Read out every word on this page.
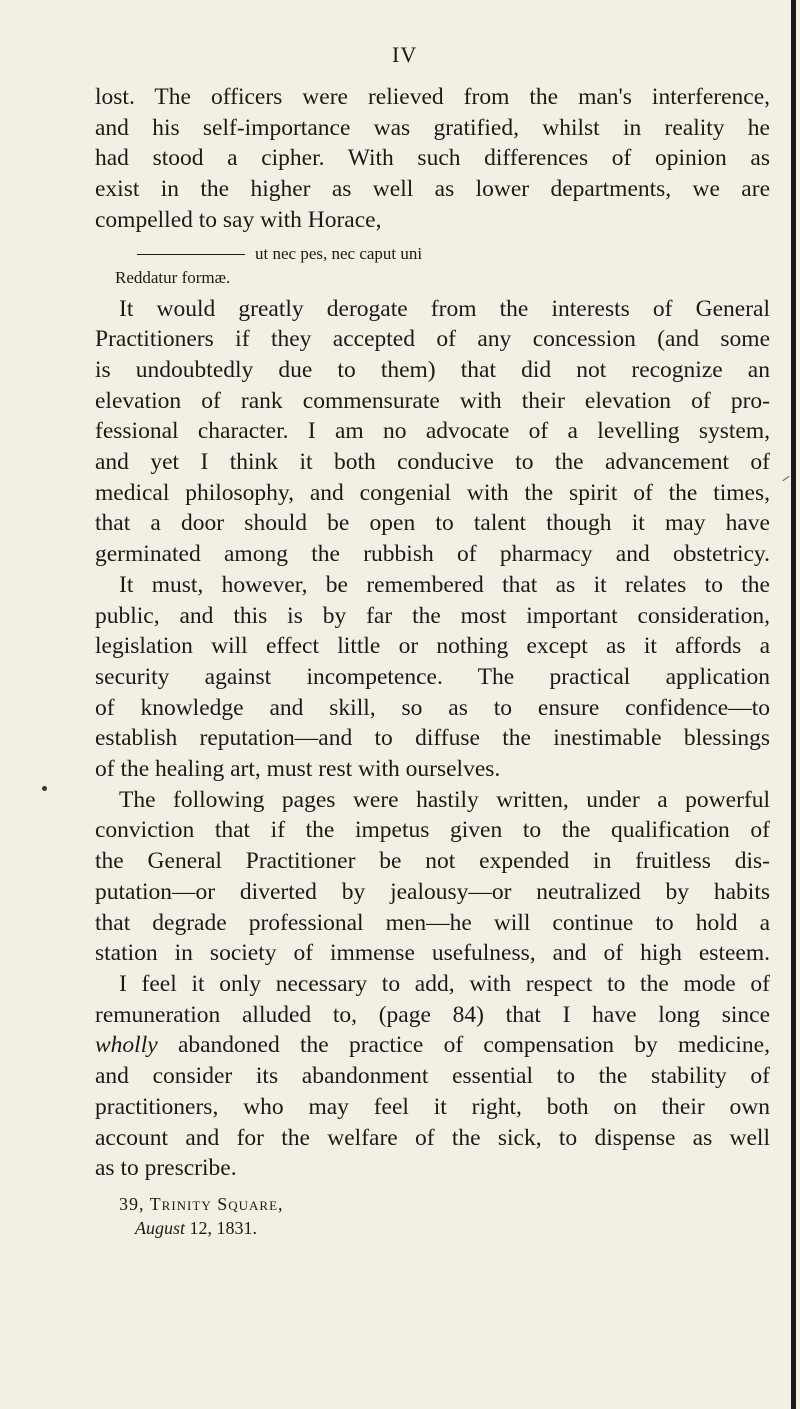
IV

lost. The officers were relieved from the man's interference,

and his self-importance was gratified, whilst in reality he

had stood a cipher. With such differences of opinion as

exist in the higher as well as lower departments, we are

compelled to say with Horace,

ut nec pes, nec caput uni
Reddatur formæ.

It would greatly derogate from the interests of General

Practitioners if they accepted of any concession (and some

is undoubtedly due to them) that did not recognize an

elevation of rank commensurate with their elevation of pro-

fessional character. I am no advocate of a levelling system,

and yet I think it both conducive to the advancement of

medical philosophy, and congenial with the spirit of the times,

that a door should be open to talent though it may have

germinated among the rubbish of pharmacy and obstetricy.

It must, however, be remembered that as it relates to the

public, and this is by far the most important consideration,

legislation will effect little or nothing except as it affords a

security against incompetence. The practical application

of knowledge and skill, so as to ensure confidence—to

establish reputation—and to diffuse the inestimable blessings

of the healing art, must rest with ourselves.

The following pages were hastily written, under a powerful

conviction that if the impetus given to the qualification of

the General Practitioner be not expended in fruitless dis-

putation—or diverted by jealousy—or neutralized by habits

that degrade professional men—he will continue to hold a

station in society of immense usefulness, and of high esteem.

I feel it only necessary to add, with respect to the mode of

remuneration alluded to, (page 84) that I have long since

wholly abandoned the practice of compensation by medicine,

and consider its abandonment essential to the stability of

practitioners, who may feel it right, both on their own

account and for the welfare of the sick, to dispense as well

as to prescribe.

39, Trinity Square,
August 12, 1831.
